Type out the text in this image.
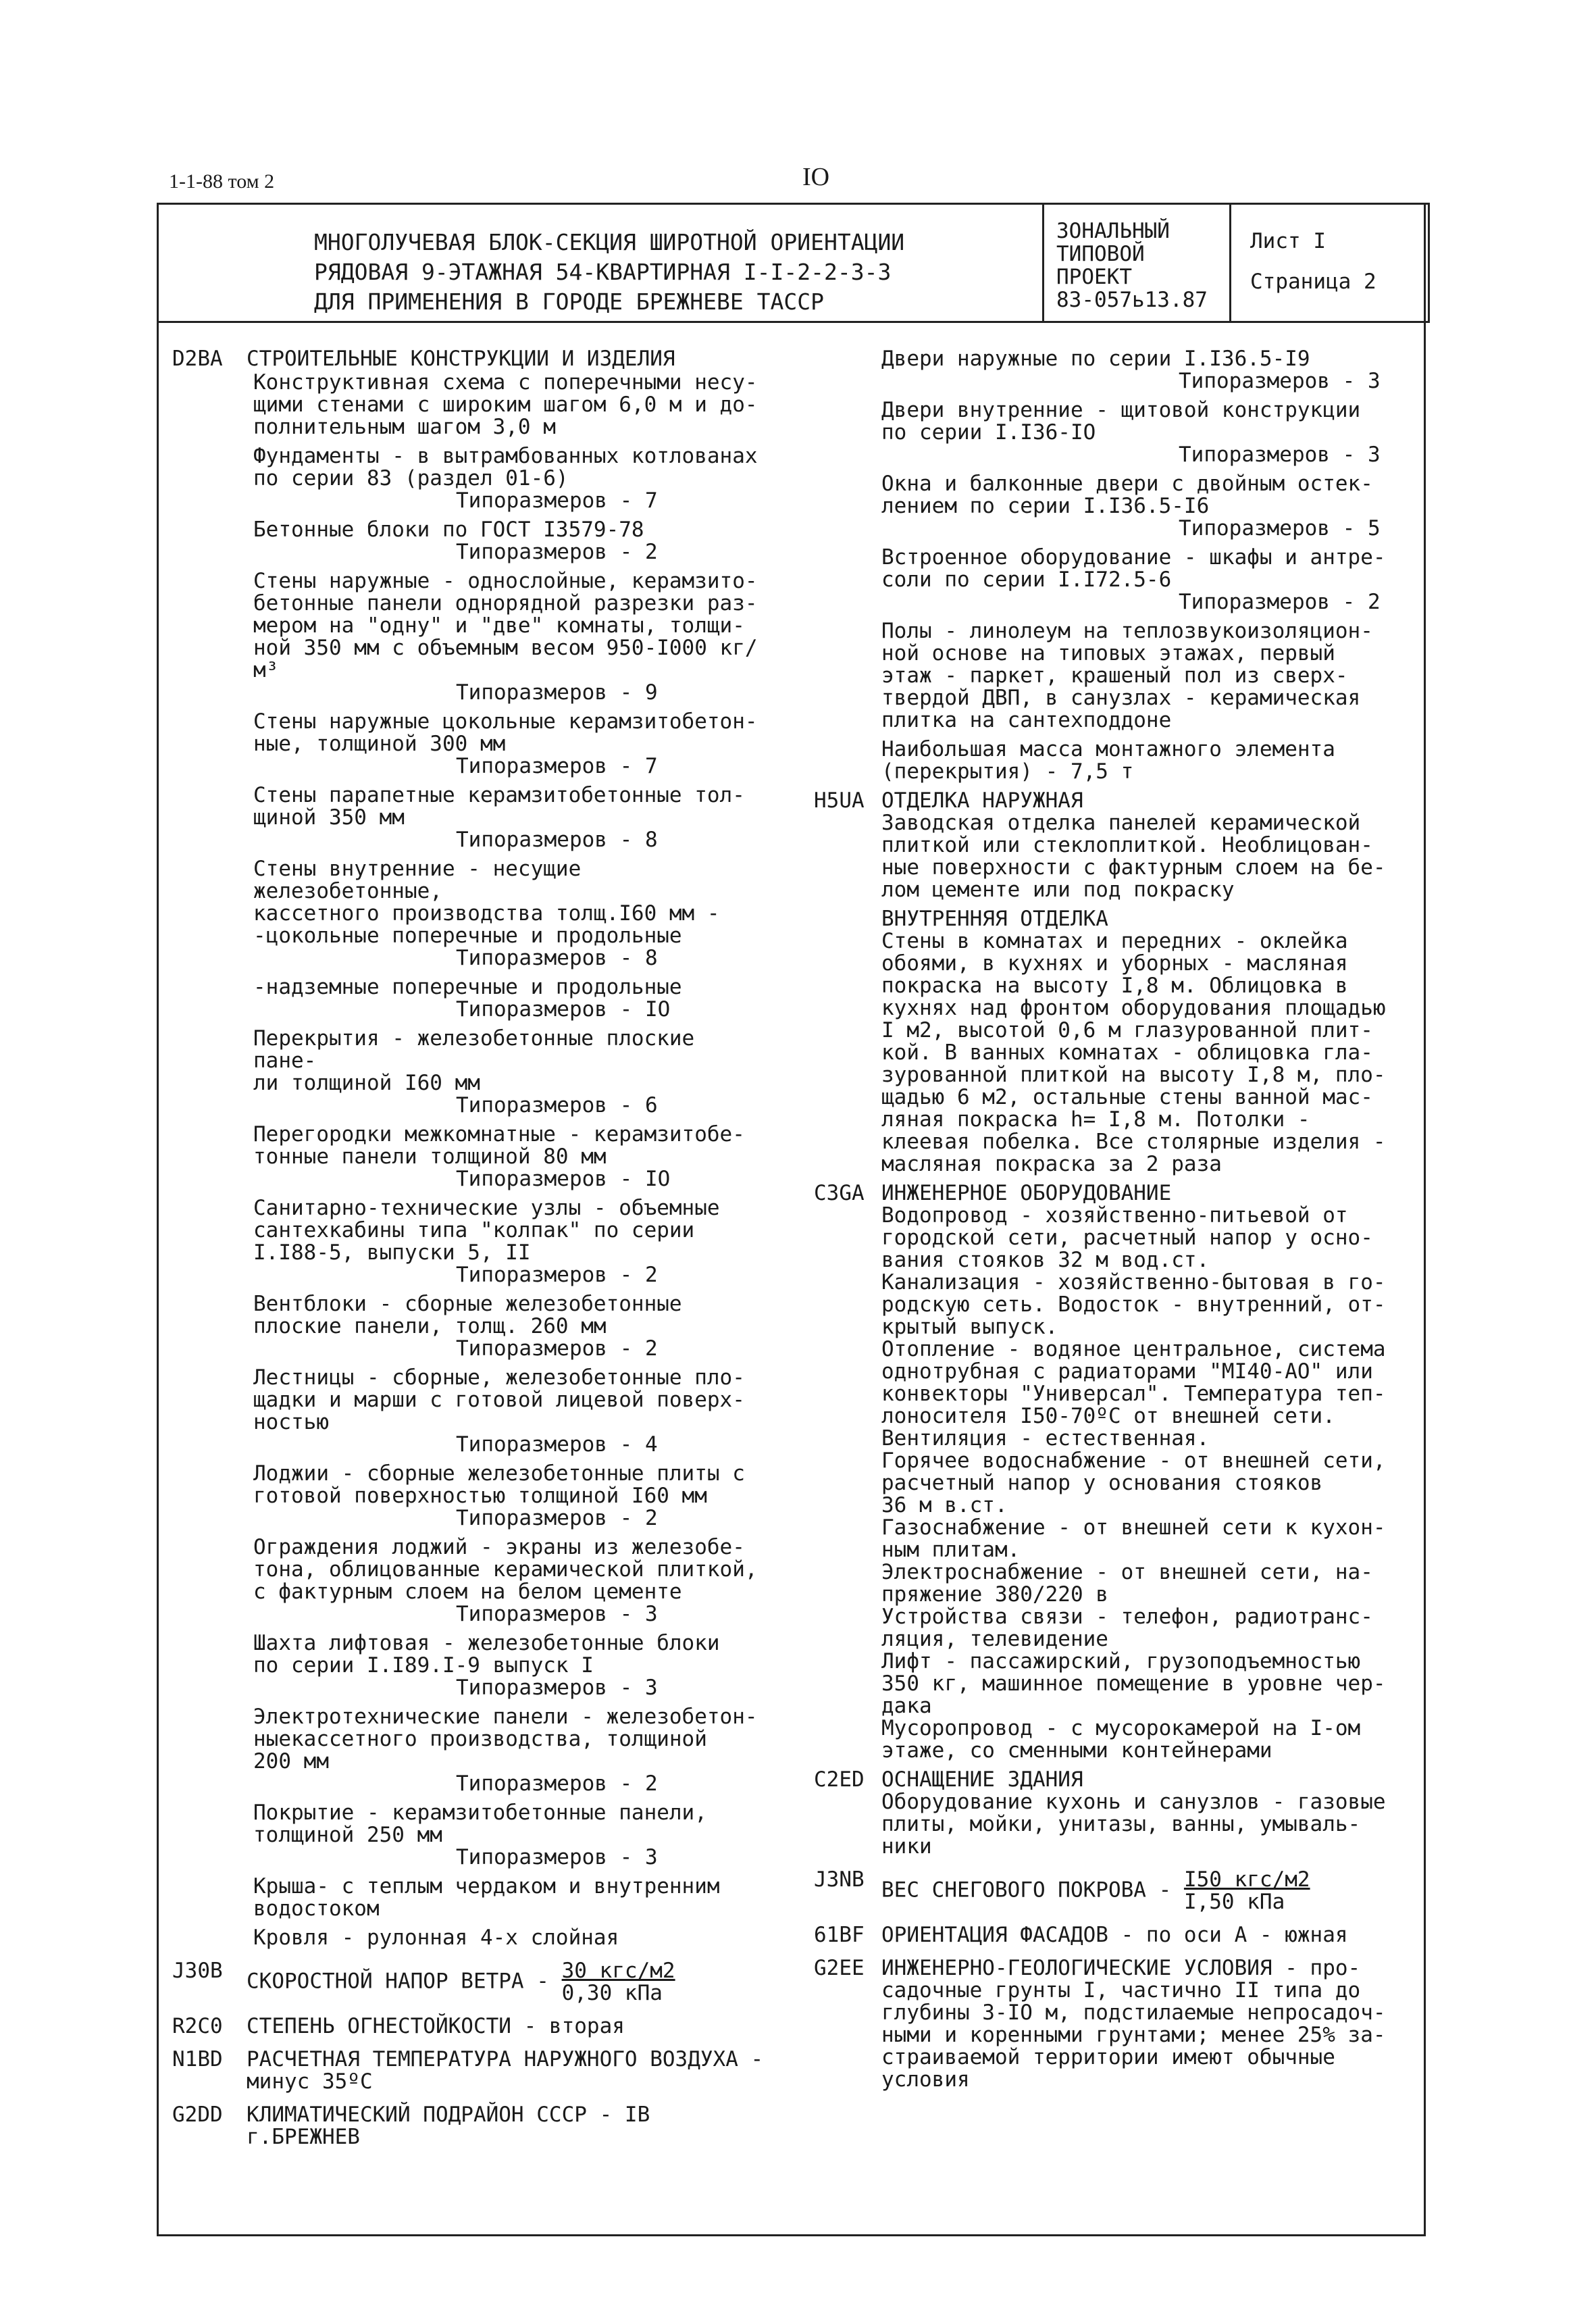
1-1-88 том 2	IO
МНОГОЛУЧЕВАЯ БЛОК-СЕКЦИЯ ШИРОТНОЙ ОРИЕНТАЦИИ
РЯДОВАЯ 9-ЭТАЖНАЯ 54-КВАРТИРНАЯ I-I-2-2-3-3
ДЛЯ ПРИМЕНЕНИЯ В ГОРОДЕ БРЕЖНЕВЕ ТАССР
ЗОНАЛЬНЫЙ
ТИПОВОЙ ПРОЕКТ
83-057ь13.87
Лист I
Страница 2
D2BA	СТРОИТЕЛЬНЫЕ КОНСТРУКЦИИ И ИЗДЕЛИЯ
Конструктивная схема с поперечными несу-
щими стенами с широким шагом 6,0 м и до-
полнительным шагом 3,0 м
Фундаменты - в вытрамбованных котлованах
по серии 83 (раздел 01-6)
Типоразмеров - 7
Бетонные блоки по ГОСТ I3579-78
Типоразмеров - 2
Стены наружные - однослойные, керамзито-
бетонные панели однорядной разрезки раз-
мером на "одну" и "две" комнаты, толщи-
ной 350 мм с объемным весом 950-I000 кг/м³
Типоразмеров - 9
Стены наружные цокольные керамзитобетон-
ные, толщиной 300 мм
Типоразмеров - 7
Стены парапетные керамзитобетонные тол-
щиной 350 мм
Типоразмеров - 8
Стены внутренние - несущие железобетонные,
кассетного производства толщ.I60 мм -
-цокольные поперечные и продольные
Типоразмеров - 8
-надземные поперечные и продольные
Типоразмеров - IO
Перекрытия - железобетонные плоские пане-
ли толщиной I60 мм
Типоразмеров - 6
Перегородки межкомнатные - керамзитобе-
тонные панели толщиной 80 мм
Типоразмеров - IO
Санитарно-технические узлы - объемные
сантехкабины типа "колпак" по серии
I.I88-5, выпуски 5, II
Типоразмеров - 2
Вентблоки - сборные железобетонные
плоские панели, толщ. 260 мм
Типоразмеров - 2
Лестницы - сборные, железобетонные пло-
щадки и марши с готовой лицевой поверх-
ностью
Типоразмеров - 4
Лоджии - сборные железобетонные плиты с
готовой поверхностью толщиной I60 мм
Типоразмеров - 2
Ограждения лоджий - экраны из железобе-
тона, облицованные керамической плиткой,
с фактурным слоем на белом цементе
Типоразмеров - 3
Шахта лифтовая - железобетонные блоки
по серии I.I89.I-9 выпуск I
Типоразмеров - 3
Электротехнические панели - железобетон-
ныекассетного производства, толщиной
200 мм
Типоразмеров - 2
Покрытие - керамзитобетонные панели,
толщиной 250 мм
Типоразмеров - 3
Крыша- с теплым чердаком и внутренним
водостоком
Кровля - рулонная 4-х слойная
J30B	СКОРОСТНОЙ НАПОР ВЕТРА - $\frac{\text{30 кгс/м2}}{\text{0,30 кПа}}$
R2C0	СТЕПЕНЬ ОГНЕСТОЙКОСТИ - вторая
N1BD	РАСЧЕТНАЯ ТЕМПЕРАТУРА НАРУЖНОГО ВОЗДУХА -
минус 35ºС
G2DD	КЛИМАТИЧЕСКИЙ ПОДРАЙОН СССР - IВ
г.БРЕЖНЕВ
Двери наружные по серии I.I36.5-I9
Типоразмеров - 3
Двери внутренние - щитовой конструкции
по серии I.I36-IO
Типоразмеров - 3
Окна и балконные двери с двойным остек-
лением по серии I.I36.5-I6
Типоразмеров - 5
Встроенное оборудование - шкафы и антре-
соли по серии I.I72.5-6
Типоразмеров - 2
Полы - линолеум на теплозвукоизоляцион-
ной основе на типовых этажах, первый
этаж - паркет, крашеный пол из сверх-
твердой ДВП, в санузлах - керамическая
плитка на сантехподдоне
Наибольшая масса монтажного элемента
(перекрытия) - 7,5 т
H5UA ОТДЕЛКА НАРУЖНАЯ
Заводская отделка панелей керамической
плиткой или стеклоплиткой. Необлицован-
ные поверхности с фактурным слоем на бе-
лом цементе или под покраску
ВНУТРЕННЯЯ ОТДЕЛКА
Стены в комнатах и передних - оклейка
обоями, в кухнях и уборных - масляная
покраска на высоту I,8 м. Облицовка в
кухнях над фронтом оборудования площадью
I м2, высотой 0,6 м глазурованной плит-
кой. В ванных комнатах - облицовка гла-
зурованной плиткой на высоту I,8 м, пло-
щадью 6 м2, остальные стены ванной мас-
ляная покраска h= I,8 м. Потолки -
клеевая побелка. Все столярные изделия -
масляная покраска за 2 раза
C3GA ИНЖЕНЕРНОЕ ОБОРУДОВАНИЕ
Водопровод - хозяйственно-питьевой от
городской сети, расчетный напор у осно-
вания стояков 32 м вод.ст.
Канализация - хозяйственно-бытовая в го-
родскую сеть. Водосток - внутренний, от-
крытый выпуск.
Отопление - водяное центральное, система
однотрубная с радиаторами "MI40-AO" или
конвекторы "Универсал". Температура теп-
лоносителя I50-70ºС от внешней сети.
Вентиляция - естественная.
Горячее водоснабжение - от внешней сети,
расчетный напор у основания стояков
36 м в.ст.
Газоснабжение - от внешней сети к кухон-
ным плитам.
Электроснабжение - от внешней сети, на-
пряжение 380/220 в
Устройства связи - телефон, радиотранс-
ляция, телевидение
Лифт - пассажирский, грузоподъемностью
350 кг, машинное помещение в уровне чер-
дака
Мусоропровод - с мусорокамерой на I-ом
этаже, со сменными контейнерами
C2ED ОСНАЩЕНИЕ ЗДАНИЯ
Оборудование кухонь и санузлов - газовые
плиты, мойки, унитазы, ванны, умываль-
ники
J3NB ВЕС СНЕГОВОГО ПОКРОВА - $\frac{\text{I50 кгс/м2}}{\text{I,50 кПа}}$
61BF ОРИЕНТАЦИЯ ФАСАДОВ - по оси А - южная
G2EE ИНЖЕНЕРНО-ГЕОЛОГИЧЕСКИЕ УСЛОВИЯ - про-
садочные грунты I, частично II типа до
глубины 3-IO м, подстилаемые непросадоч-
ными и коренными грунтами; менее 25% за-
страиваемой территории имеют обычные
условия
